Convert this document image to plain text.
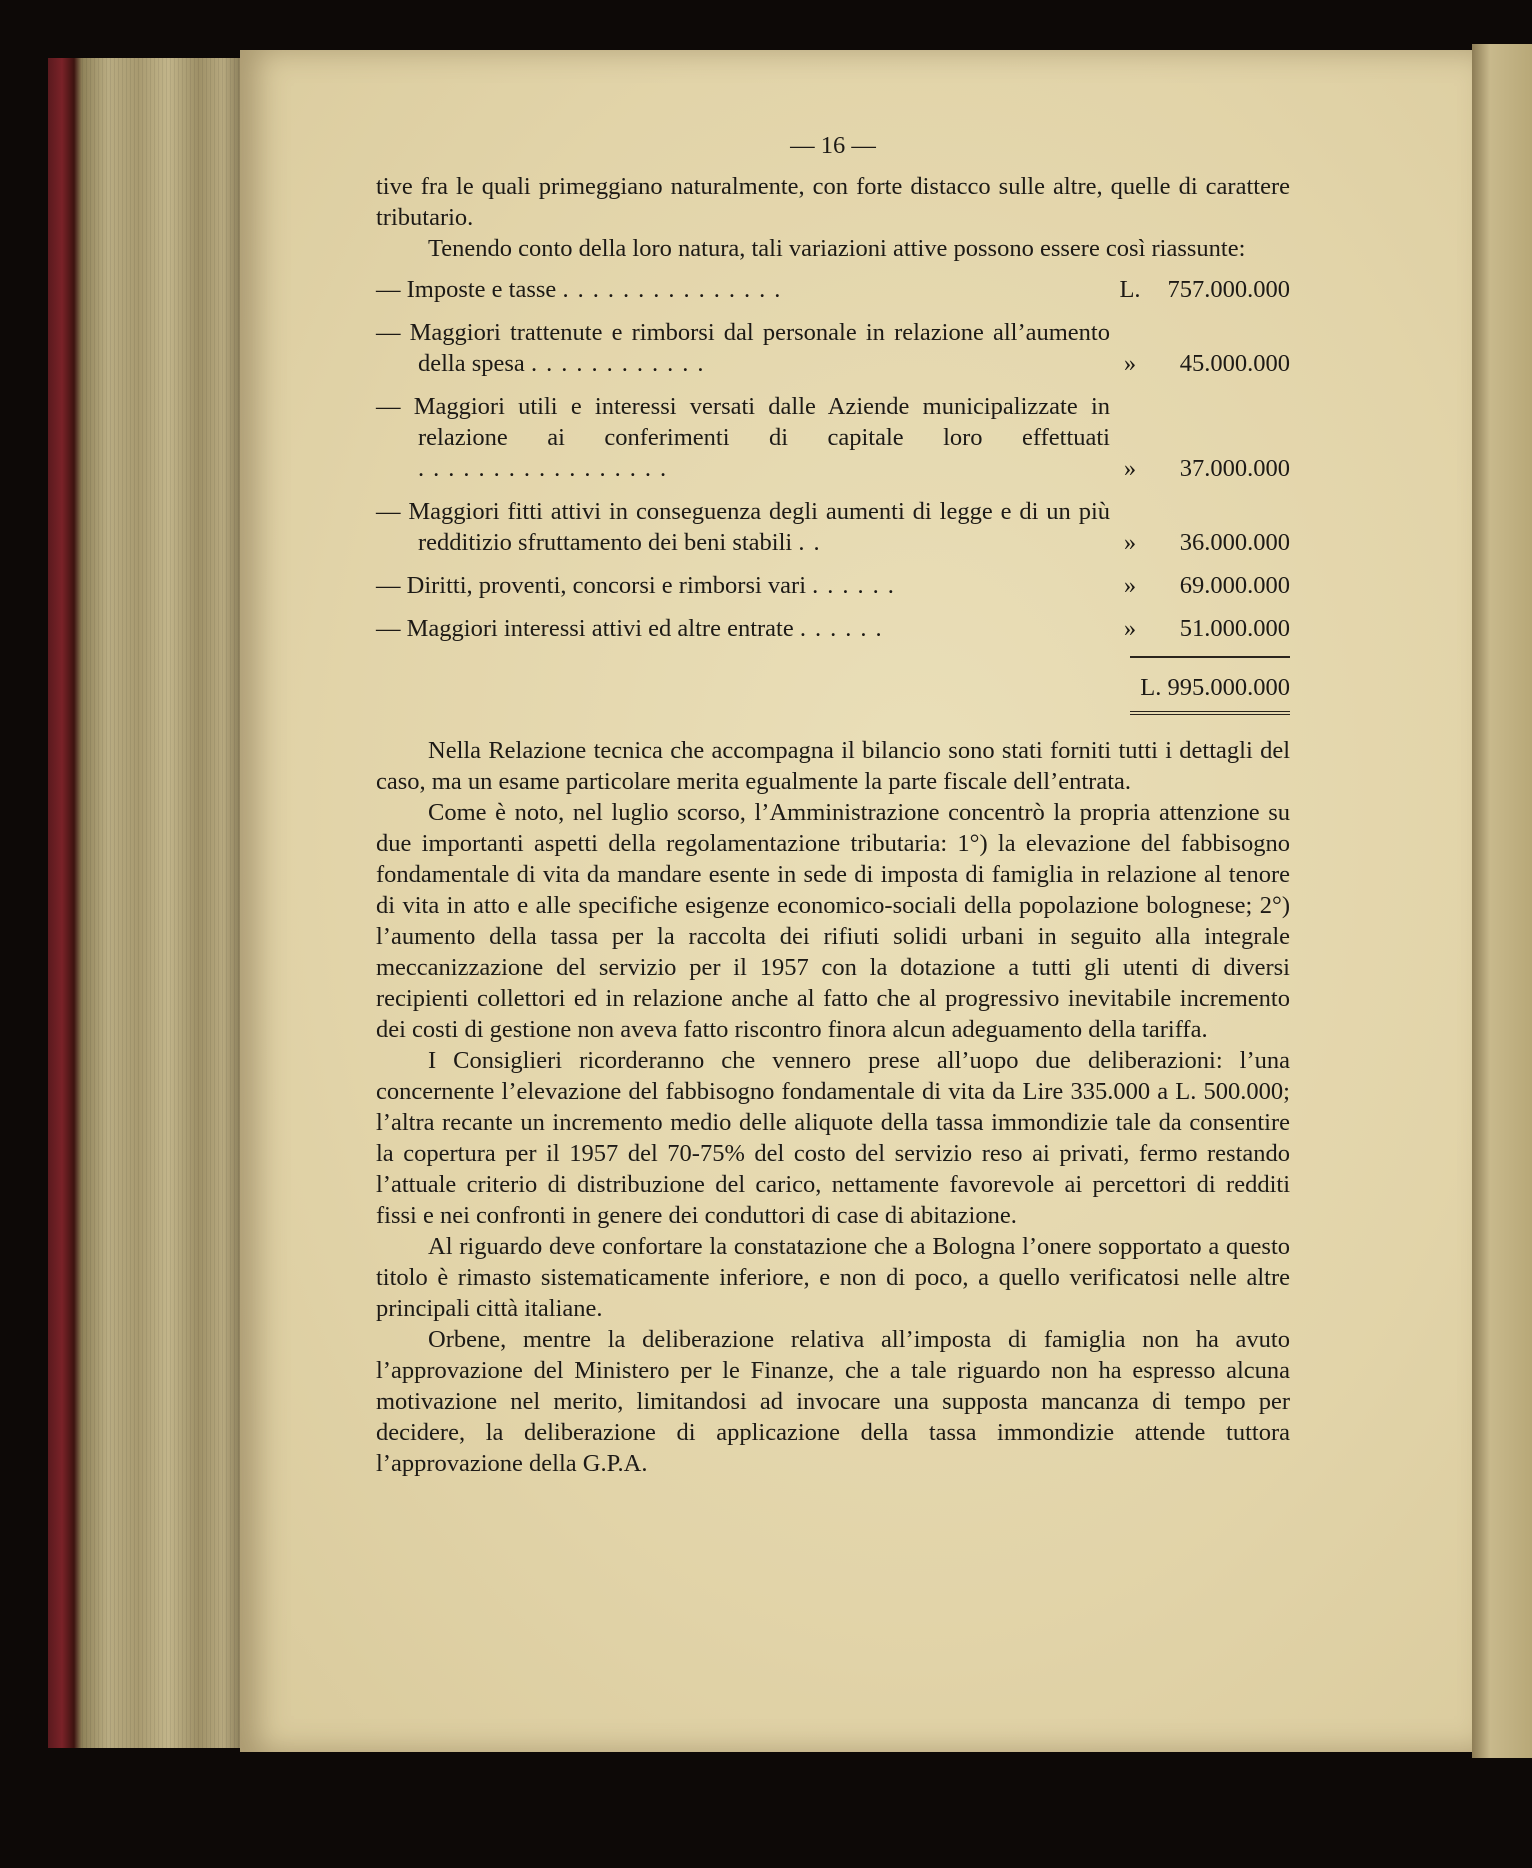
— 16 —

tive fra le quali primeggiano naturalmente, con forte distacco sulle altre, quelle di carattere tributario.

Tenendo conto della loro natura, tali variazioni attive possono essere così riassunte:

— Imposte e tasse ...............	L.	757.000.000
— Maggiori trattenute e rimborsi dal personale in relazione all’aumento della spesa ............	»	45.000.000
— Maggiori utili e interessi versati dalle Aziende municipalizzate in relazione ai conferimenti di capitale loro effettuati .................	»	37.000.000
— Maggiori fitti attivi in conseguenza degli aumenti di legge e di un più redditizio sfruttamento dei beni stabili ..	»	36.000.000
— Diritti, proventi, concorsi e rimborsi vari ......	»	69.000.000
— Maggiori interessi attivi ed altre entrate ......	»	51.000.000
L. 995.000.000

Nella Relazione tecnica che accompagna il bilancio sono stati forniti tutti i dettagli del caso, ma un esame particolare merita egualmente la parte fiscale dell’entrata.

Come è noto, nel luglio scorso, l’Amministrazione concentrò la propria attenzione su due importanti aspetti della regolamentazione tributaria: 1°) la elevazione del fabbisogno fondamentale di vita da mandare esente in sede di imposta di famiglia in relazione al tenore di vita in atto e alle specifiche esigenze economico-sociali della popolazione bolognese; 2°) l’aumento della tassa per la raccolta dei rifiuti solidi urbani in seguito alla integrale meccanizzazione del servizio per il 1957 con la dotazione a tutti gli utenti di diversi recipienti collettori ed in relazione anche al fatto che al progressivo inevitabile incremento dei costi di gestione non aveva fatto riscontro finora alcun adeguamento della tariffa.

I Consiglieri ricorderanno che vennero prese all’uopo due deliberazioni: l’una concernente l’elevazione del fabbisogno fondamentale di vita da Lire 335.000 a L. 500.000; l’altra recante un incremento medio delle aliquote della tassa immondizie tale da consentire la copertura per il 1957 del 70-75% del costo del servizio reso ai privati, fermo restando l’attuale criterio di distribuzione del carico, nettamente favorevole ai percettori di redditi fissi e nei confronti in genere dei conduttori di case di abitazione.

Al riguardo deve confortare la constatazione che a Bologna l’onere sopportato a questo titolo è rimasto sistematicamente inferiore, e non di poco, a quello verificatosi nelle altre principali città italiane.

Orbene, mentre la deliberazione relativa all’imposta di famiglia non ha avuto l’approvazione del Ministero per le Finanze, che a tale riguardo non ha espresso alcuna motivazione nel merito, limitandosi ad invocare una supposta mancanza di tempo per decidere, la deliberazione di applicazione della tassa immondizie attende tuttora l’approvazione della G.P.A.
